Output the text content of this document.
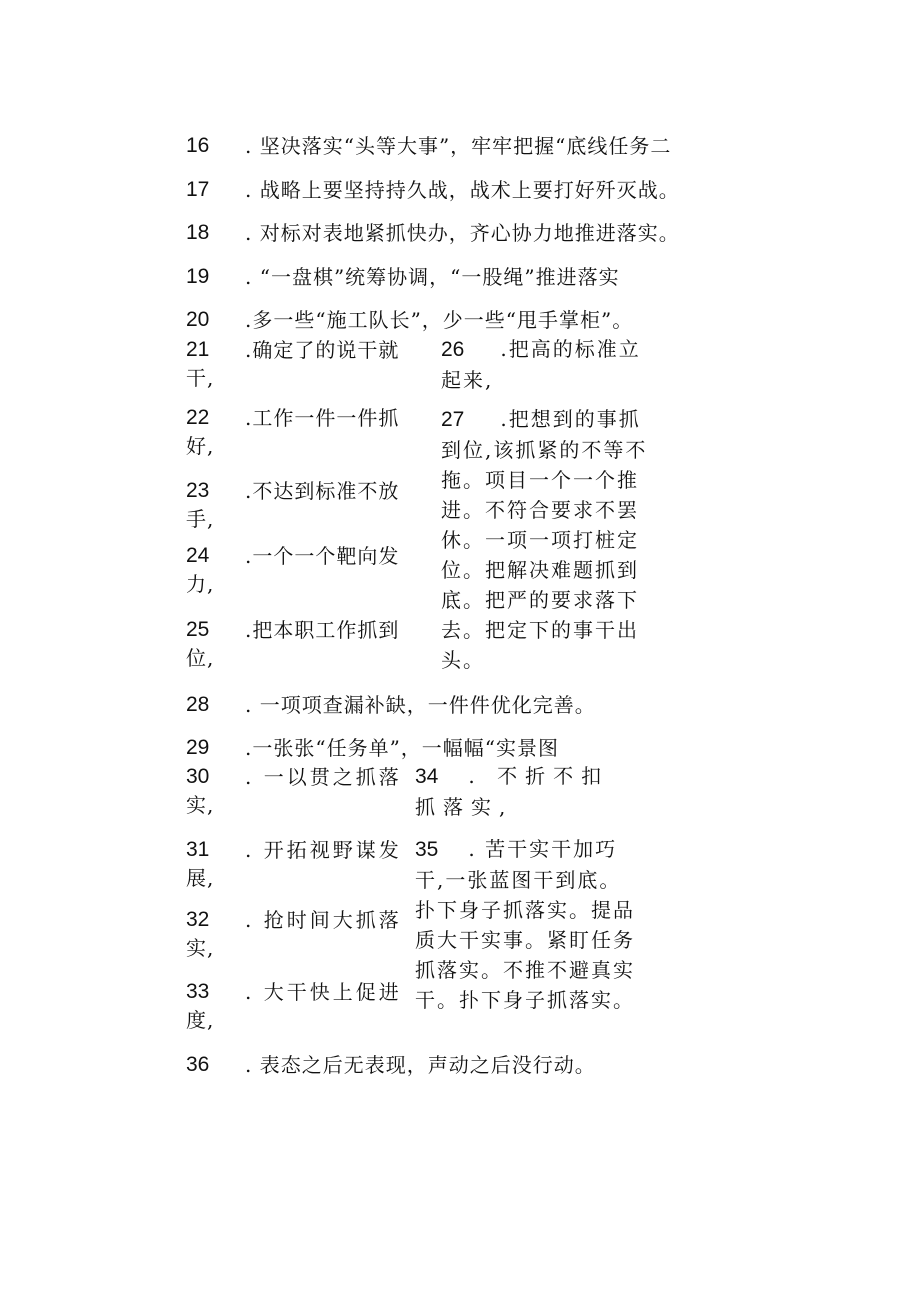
16 . 坚决落实“头等大事”，牢牢把握“底线任务二
17 . 战略上要坚持持久战，战术上要打好歼灭战。
18 . 对标对表地紧抓快办，齐心协力地推进落实。
19 . “一盘棋”统筹协调，“一股绳”推进落实
20 .多一些“施工队长”，少一些“甩手掌柜”。
21 .确定了的说干就
干,
22 .工作一件一件抓
好,
23 .不达到标准不放
手,
24 .一个一个靶向发
力,
25 .把本职工作抓到
位,
26 .把高的标准立起来,
27 .把想到的事抓到位,该抓紧的不等不拖。项目一个一个推进。不符合要求不罢休。一项一项打桩定位。把解决难题抓到底。把严的要求落下去。把定下的事干出头。
28 . 一项项查漏补缺，一件件优化完善。
29 .一张张“任务单”，一幅幅“实景图
30 . 一以贯之抓落
实,
31 . 开拓视野谋发
展,
32 . 抢时间大抓落
实,
33 . 大干快上促进
度,
34 . 不折不扣抓落实,
35 . 苦干实干加巧干,一张蓝图干到底。扑下身子抓落实。提品质大干实事。紧盯任务抓落实。不推不避真实干。扑下身子抓落实。
36 . 表态之后无表现，声动之后没行动。
